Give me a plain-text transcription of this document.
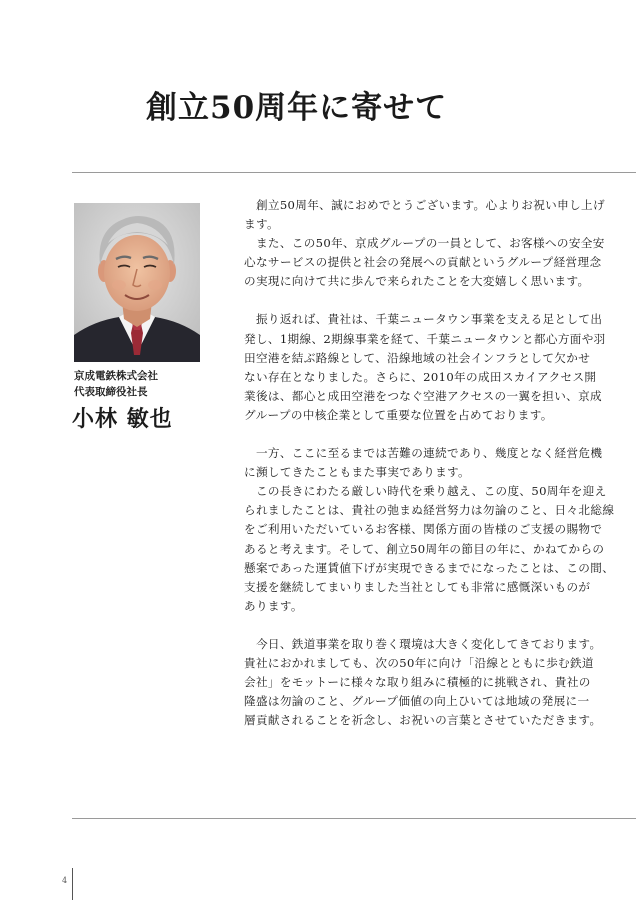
創立50周年に寄せて
京成電鉄株式会社
代表取締役社長
小林 敏也
　創立50周年、誠におめでとうございます。心よりお祝い申し上げ
ます。
　また、この50年、京成グループの一員として、お客様への安全安
心なサービスの提供と社会の発展への貢献というグループ経営理念
の実現に向けて共に歩んで来られたことを大変嬉しく思います。
　振り返れば、貴社は、千葉ニュータウン事業を支える足として出
発し、1期線、2期線事業を経て、千葉ニュータウンと都心方面や羽
田空港を結ぶ路線として、沿線地域の社会インフラとして欠かせ
ない存在となりました。さらに、2010年の成田スカイアクセス開
業後は、都心と成田空港をつなぐ空港アクセスの一翼を担い、京成
グループの中核企業として重要な位置を占めております。
　一方、ここに至るまでは苦難の連続であり、幾度となく経営危機
に瀕してきたこともまた事実であります。
　この長きにわたる厳しい時代を乗り越え、この度、50周年を迎え
られましたことは、貴社の弛まぬ経営努力は勿論のこと、日々北総線
をご利用いただいているお客様、関係方面の皆様のご支援の賜物で
あると考えます。そして、創立50周年の節目の年に、かねてからの
懸案であった運賃値下げが実現できるまでになったことは、この間、
支援を継続してまいりました当社としても非常に感慨深いものが
あります。
　今日、鉄道事業を取り巻く環境は大きく変化してきております。
貴社におかれましても、次の50年に向け「沿線とともに歩む鉄道
会社」をモットーに様々な取り組みに積極的に挑戦され、貴社の
隆盛は勿論のこと、グループ価値の向上ひいては地域の発展に一
層貢献されることを祈念し、お祝いの言葉とさせていただきます。
4
